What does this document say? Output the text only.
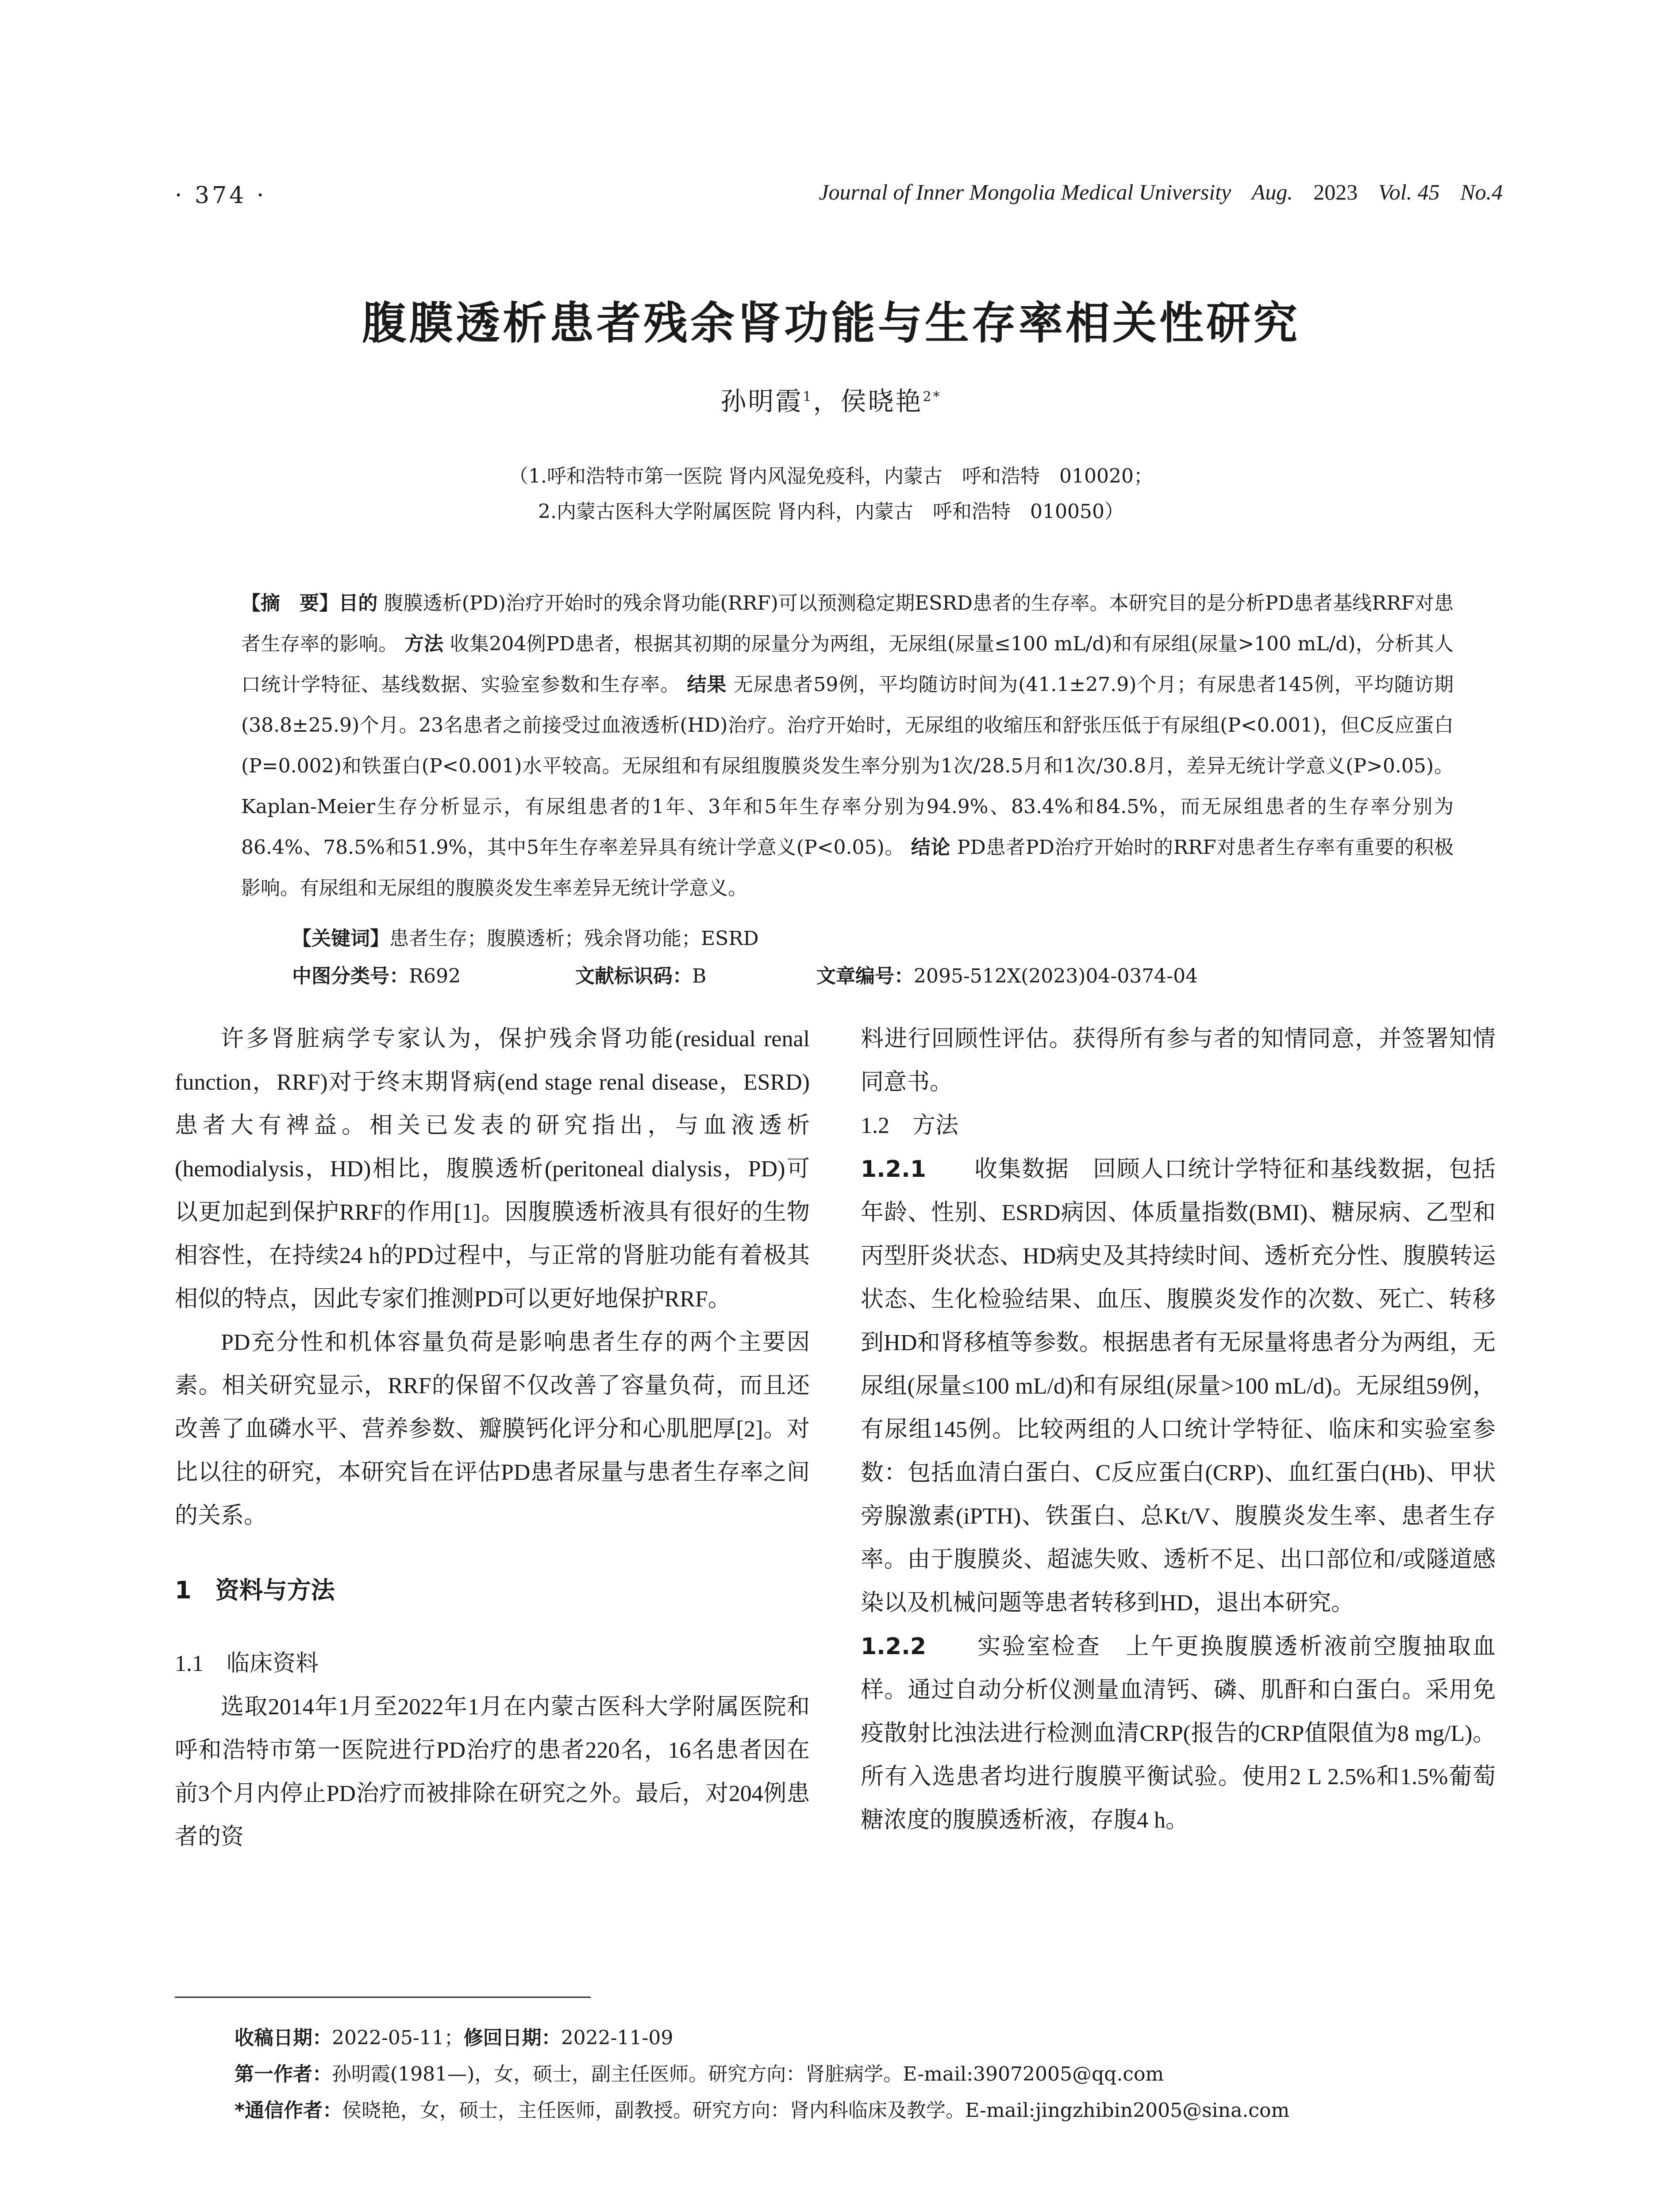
· 374 ·	Journal of Inner Mongolia Medical University Aug. 2023 Vol. 45 No.4
腹膜透析患者残余肾功能与生存率相关性研究
孙明霞$^1$，侯晓艳$^{2*}$
（1.呼和浩特市第一医院 肾内风湿免疫科，内蒙古　呼和浩特　010020；
2.内蒙古医科大学附属医院 肾内科，内蒙古　呼和浩特　010050）
【摘　要】目的 腹膜透析(PD)治疗开始时的残余肾功能(RRF)可以预测稳定期ESRD患者的生存率。本研究目的是分析PD患者基线RRF对患者生存率的影响。 方法 收集204例PD患者，根据其初期的尿量分为两组，无尿组(尿量≤100 mL/d)和有尿组(尿量>100 mL/d)，分析其人口统计学特征、基线数据、实验室参数和生存率。 结果 无尿患者59例，平均随访时间为(41.1±27.9)个月；有尿患者145例，平均随访期(38.8±25.9)个月。23名患者之前接受过血液透析(HD)治疗。治疗开始时，无尿组的收缩压和舒张压低于有尿组(P<0.001)，但C反应蛋白(P=0.002)和铁蛋白(P<0.001)水平较高。无尿组和有尿组腹膜炎发生率分别为1次/28.5月和1次/30.8月，差异无统计学意义(P>0.05)。Kaplan-Meier生存分析显示，有尿组患者的1年、3年和5年生存率分别为94.9%、83.4%和84.5%，而无尿组患者的生存率分别为86.4%、78.5%和51.9%，其中5年生存率差异具有统计学意义(P<0.05)。 结论 PD患者PD治疗开始时的RRF对患者生存率有重要的积极影响。有尿组和无尿组的腹膜炎发生率差异无统计学意义。
【关键词】患者生存；腹膜透析；残余肾功能；ESRD
中图分类号：R692	文献标识码：B	文章编号：2095-512X(2023)04-0374-04

许多肾脏病学专家认为，保护残余肾功能(residual renal function，RRF)对于终末期肾病(end stage renal disease，ESRD)患者大有裨益。相关已发表的研究指出，与血液透析(hemodialysis，HD)相比，腹膜透析(peritoneal dialysis，PD)可以更加起到保护RRF的作用[1]。因腹膜透析液具有很好的生物相容性，在持续24 h的PD过程中，与正常的肾脏功能有着极其相似的特点，因此专家们推测PD可以更好地保护RRF。

PD充分性和机体容量负荷是影响患者生存的两个主要因素。相关研究显示，RRF的保留不仅改善了容量负荷，而且还改善了血磷水平、营养参数、瓣膜钙化评分和心肌肥厚[2]。对比以往的研究，本研究旨在评估PD患者尿量与患者生存率之间的关系。

1　资料与方法
1.1　临床资料

选取2014年1月至2022年1月在内蒙古医科大学附属医院和呼和浩特市第一医院进行PD治疗的患者220名，16名患者因在前3个月内停止PD治疗而被排除在研究之外。最后，对204例患者的资

料进行回顾性评估。获得所有参与者的知情同意，并签署知情同意书。

1.2　方法

1.2.1　　 收集数据　 回顾人口统计学特征和基线数据，包括年龄、性别、ESRD病因、体质量指数(BMI)、糖尿病、乙型和丙型肝炎状态、HD病史及其持续时间、透析充分性、腹膜转运状态、生化检验结果、血压、腹膜炎发作的次数、死亡、转移到HD和肾移植等参数。根据患者有无尿量将患者分为两组，无尿组(尿量≤100 mL/d)和有尿组(尿量>100 mL/d)。无尿组59例，有尿组145例。比较两组的人口统计学特征、临床和实验室参数：包括血清白蛋白、C反应蛋白(CRP)、血红蛋白(Hb)、甲状旁腺激素(iPTH)、铁蛋白、总Kt/V、腹膜炎发生率、患者生存率。由于腹膜炎、超滤失败、透析不足、出口部位和/或隧道感染以及机械问题等患者转移到HD，退出本研究。

1.2.2　　 实验室检查　 上午更换腹膜透析液前空腹抽取血样。通过自动分析仪测量血清钙、磷、肌酐和白蛋白。采用免疫散射比浊法进行检测血清CRP(报告的CRP值限值为8 mg/L)。所有入选患者均进行腹膜平衡试验。使用2 L 2.5%和1.5%葡萄糖浓度的腹膜透析液，存腹4 h。

收稿日期：2022-05-11；修回日期：2022-11-09
第一作者：孙明霞(1981—)，女，硕士，副主任医师。研究方向：肾脏病学。E-mail:39072005@qq.com
*通信作者：侯晓艳，女，硕士，主任医师，副教授。研究方向：肾内科临床及教学。E-mail:jingzhibin2005@sina.com
